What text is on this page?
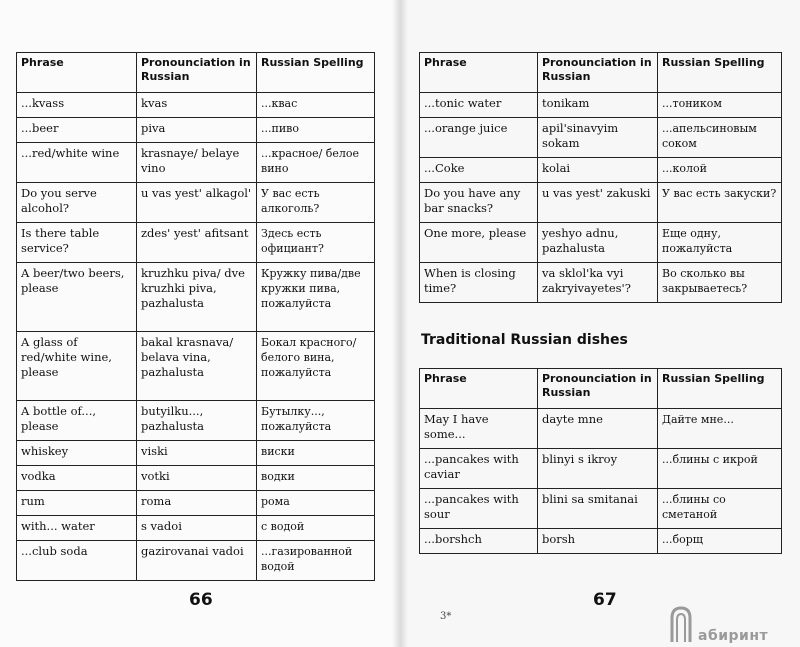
Phrase	Pronounciation in Russian	Russian Spelling
...kvass	kvas	...квас
...beer	piva	...пиво
...red/white wine	krasnaye/ belaye vino	...красное/ белое вино
Do you serve alcohol?	u vas yest' alkagol'	У вас есть алкоголь?
Is there table service?	zdes' yest' afitsant	Здесь есть официант?
A beer/two beers, please	kruzhku piva/ dve kruzhki piva, pazhalusta	Кружку пива/две кружки пива, пожалуйста
A glass of red/white wine, please	bakal krasnava/ belava vina, pazhalusta	Бокал красного/ белого вина, пожалуйста
A bottle of..., please	butyilku..., pazhalusta	Бутылку..., пожалуйста
whiskey	viski	виски
vodka	votki	водки
rum	roma	рома
with... water	s vadoi	с водой
...club soda	gazirovanai vadoi	...газированной водой
Phrase	Pronounciation in Russian	Russian Spelling
...tonic water	tonikam	...тоником
...orange juice	apil'sinavyim sokam	...апельсиновым соком
...Coke	kolai	...колой
Do you have any bar snacks?	u vas yest' zakuski	У вас есть закуски?
One more, please	yeshyo adnu, pazhalusta	Еще одну, пожалуйста
When is closing time?	va sklol'ka vyi zakryivayetes'?	Во сколько вы закрываетесь?
Traditional Russian dishes
Phrase	Pronounciation in Russian	Russian Spelling
May I have some...	dayte mne	Дайте мне...
...pancakes with caviar	blinyi s ikroy	...блины с икрой
...pancakes with sour	blini sa smitanai	...блины со сметаной
...borshch	borsh	...борщ
66	67
3*
абиринт
